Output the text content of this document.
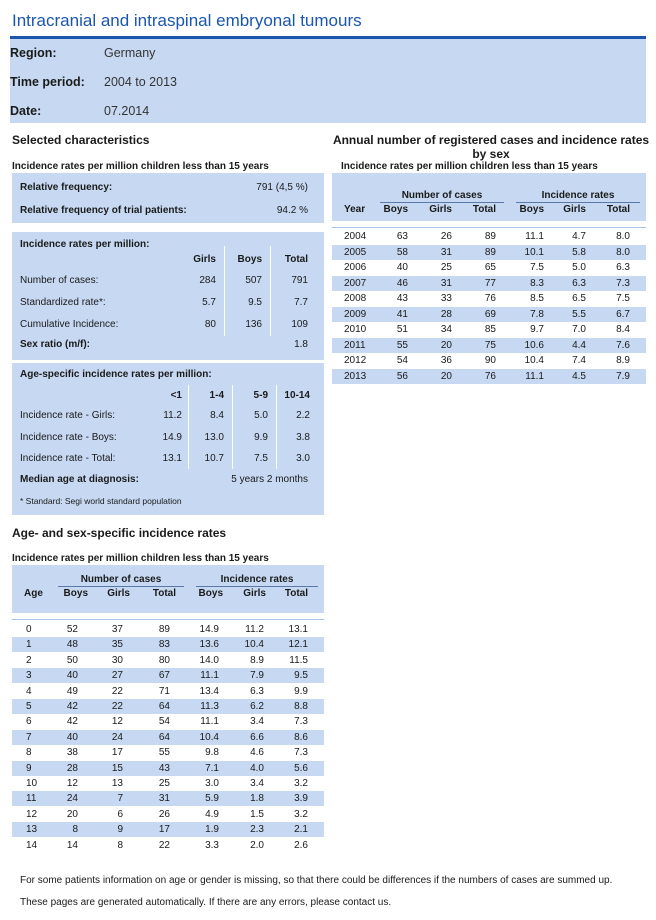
Intracranial and intraspinal embryonal tumours
Region:	Germany
Time period: 2004 to 2013
Date:	07.2014
Selected characteristics
Incidence rates per million children less than 15 years
Relative frequency:	791 (4,5 %)
Relative frequency of trial patients:	94.2 %
Incidence rates per million:
Girls	Boys	Total
Number of cases:	284	507	791
Standardized rate*:	5.7	9.5	7.7
Cumulative Incidence:	80	136	109
Sex ratio (m/f):	1.8
Age-specific incidence rates per million:
<1	1-4	5-9	10-14
Incidence rate - Girls:	11.2	8.4	5.0	2.2
Incidence rate - Boys:	14.9	13.0	9.9	3.8
Incidence rate - Total:	13.1	10.7	7.5	3.0
Median age at diagnosis:	5 years 2 months
* Standard: Segi world standard population
Annual number of registered cases and incidence rates
by sex
Incidence rates per million children less than 15 years
Number of cases	Incidence rates
Year	Boys	Girls	Total	Boys	Girls	Total
2004	63	26	89	11.1	4.7	8.0
2005	58	31	89	10.1	5.8	8.0
2006	40	25	65	7.5	5.0	6.3
2007	46	31	77	8.3	6.3	7.3
2008	43	33	76	8.5	6.5	7.5
2009	41	28	69	7.8	5.5	6.7
2010	51	34	85	9.7	7.0	8.4
2011	55	20	75	10.6	4.4	7.6
2012	54	36	90	10.4	7.4	8.9
2013	56	20	76	11.1	4.5	7.9
Age- and sex-specific incidence rates
Incidence rates per million children less than 15 years
Number of cases	Incidence rates
Age	Boys	Girls	Total	Boys	Girls	Total
0	52	37	89	14.9	11.2	13.1
1	48	35	83	13.6	10.4	12.1
2	50	30	80	14.0	8.9	11.5
3	40	27	67	11.1	7.9	9.5
4	49	22	71	13.4	6.3	9.9
5	42	22	64	11.3	6.2	8.8
6	42	12	54	11.1	3.4	7.3
7	40	24	64	10.4	6.6	8.6
8	38	17	55	9.8	4.6	7.3
9	28	15	43	7.1	4.0	5.6
10	12	13	25	3.0	3.4	3.2
11	24	7	31	5.9	1.8	3.9
12	20	6	26	4.9	1.5	3.2
13	8	9	17	1.9	2.3	2.1
14	14	8	22	3.3	2.0	2.6
For some patients information on age or gender is missing, so that there could be differences if the numbers of cases are summed up.
These pages are generated automatically. If there are any errors, please contact us.
